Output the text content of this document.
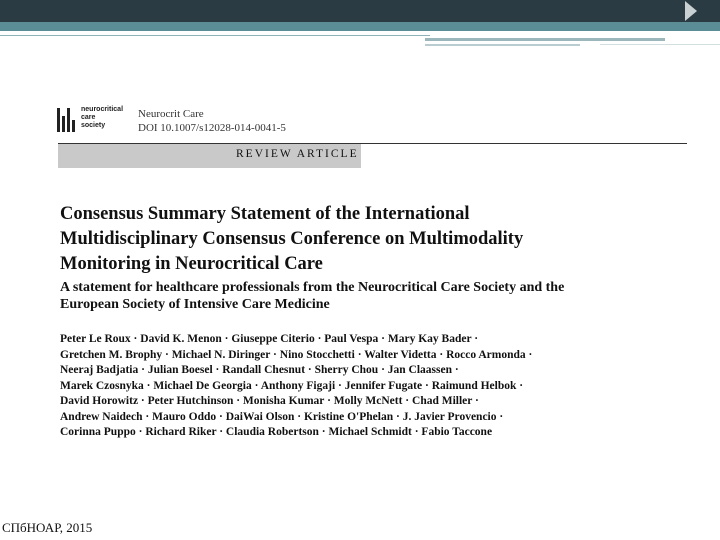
neurocritical
care
society
Neurocrit Care
DOI 10.1007/s12028-014-0041-5
REVIEW ARTICLE
Consensus Summary Statement of the International
Multidisciplinary Consensus Conference on Multimodality
Monitoring in Neurocritical Care
A statement for healthcare professionals from the Neurocritical Care Society and the
European Society of Intensive Care Medicine
Peter Le Roux · David K. Menon · Giuseppe Citerio · Paul Vespa · Mary Kay Bader ·
Gretchen M. Brophy · Michael N. Diringer · Nino Stocchetti · Walter Videtta · Rocco Armonda ·
Neeraj Badjatia · Julian Boesel · Randall Chesnut · Sherry Chou · Jan Claassen ·
Marek Czosnyka · Michael De Georgia · Anthony Figaji · Jennifer Fugate · Raimund Helbok ·
David Horowitz · Peter Hutchinson · Monisha Kumar · Molly McNett · Chad Miller ·
Andrew Naidech · Mauro Oddo · DaiWai Olson · Kristine O'Phelan · J. Javier Provencio ·
Corinna Puppo · Richard Riker · Claudia Robertson · Michael Schmidt · Fabio Taccone
СПбНОАР, 2015
